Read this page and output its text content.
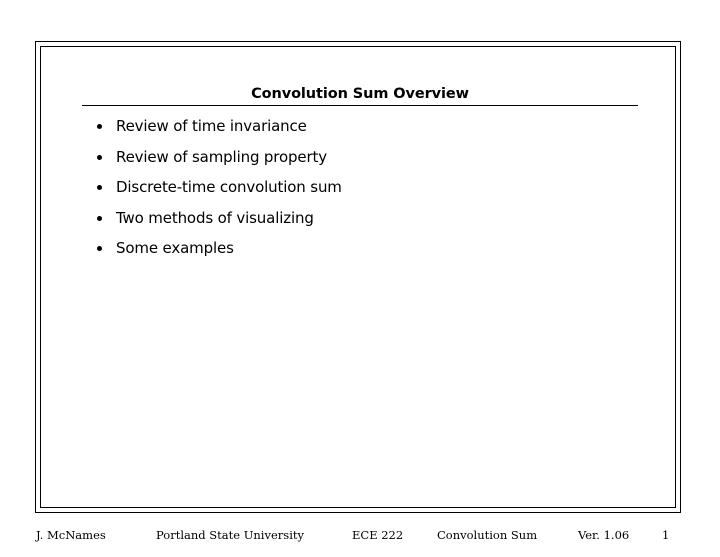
Convolution Sum Overview
Review of time invariance
Review of sampling property
Discrete-time convolution sum
Two methods of visualizing
Some examples
J. McNames	Portland State University	ECE 222	Convolution Sum	Ver. 1.06	1
